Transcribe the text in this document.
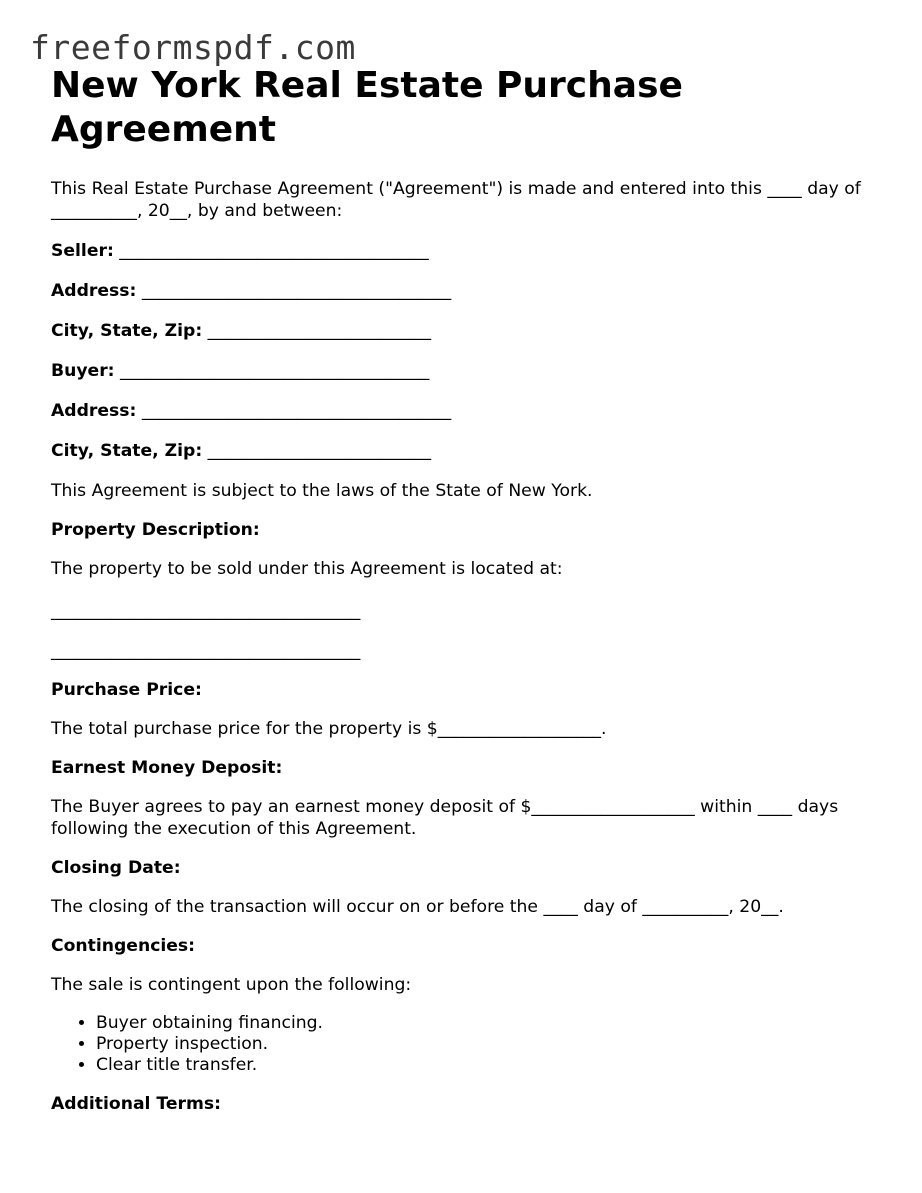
freeformspdf.com
New York Real Estate Purchase Agreement

This Real Estate Purchase Agreement ("Agreement") is made and entered into this ____ day of __________, 20__, by and between:

Seller: ____________________________________

Address: ____________________________________

City, State, Zip: __________________________

Buyer: ____________________________________

Address: ____________________________________

City, State, Zip: __________________________

This Agreement is subject to the laws of the State of New York.

Property Description:

The property to be sold under this Agreement is located at:

____________________________________

____________________________________

Purchase Price:

The total purchase price for the property is $___________________.

Earnest Money Deposit:

The Buyer agrees to pay an earnest money deposit of $___________________ within ____ days following the execution of this Agreement.

Closing Date:

The closing of the transaction will occur on or before the ____ day of __________, 20__.

Contingencies:

The sale is contingent upon the following:

• Buyer obtaining financing.
• Property inspection.
• Clear title transfer.

Additional Terms:
